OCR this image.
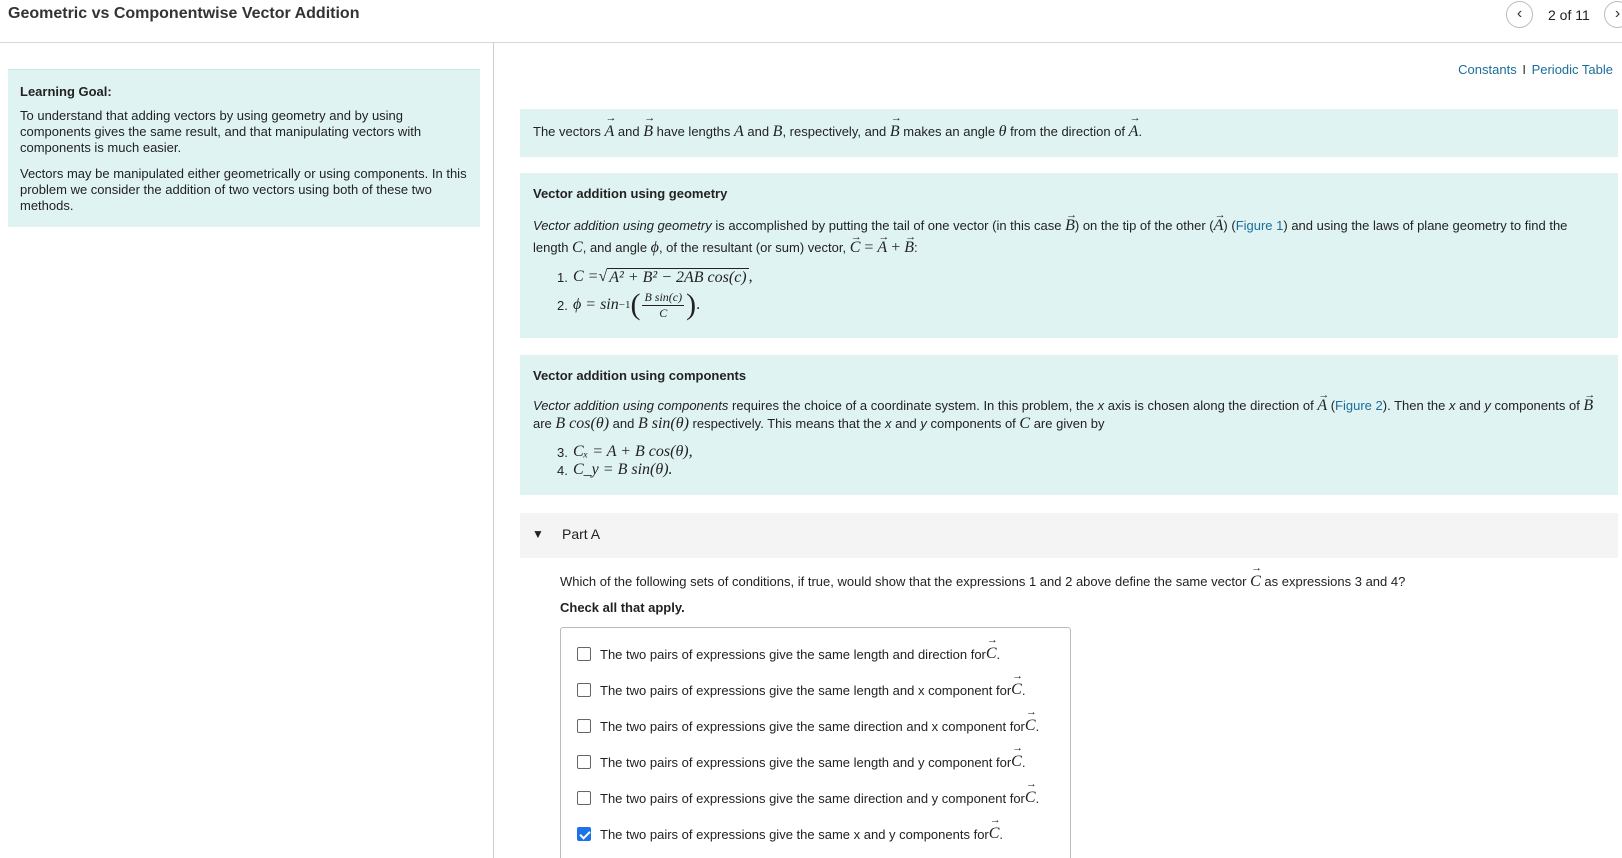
Geometric vs Componentwise Vector Addition	‹	2 of 11	›
Learning Goal:
To understand that adding vectors by using geometry and by using components gives the same result, and that manipulating vectors with components is much easier.
Vectors may be manipulated either geometrically or using components. In this problem we consider the addition of two vectors using both of these two methods.
Constants I Periodic Table
The vectors → A and → B have lengths A and B, respectively, and → B makes an angle θ from the direction of → A.
Vector addition using geometry
Vector addition using geometry is accomplished by putting the tail of one vector (in this case → B) on the tip of the other (→ A) (Figure 1) and using the laws of plane geometry to find the length C, and angle ϕ, of the resultant (or sum) vector, → C = → A + → B:
1. C = √ A² + B² − 2AB cos(c) ,
2. ϕ = sin −1 ( $\frac{\text{B sin(c)}}{C}$ ) .
Vector addition using components
Vector addition using components requires the choice of a coordinate system. In this problem, the x axis is chosen along the direction of → A (Figure 2). Then the x and y components of → B are B cos(θ) and B sin(θ) respectively. This means that the x and y components of C are given by
3. Cₓ = A + B cos(θ),
4. C_y = B sin(θ).
▼ Part A
Which of the following sets of conditions, if true, would show that the expressions 1 and 2 above define the same vector → C as expressions 3 and 4?
Check all that apply.
The two pairs of expressions give the same length and direction for → C .
The two pairs of expressions give the same length and x component for → C .
The two pairs of expressions give the same direction and x component for → C .
The two pairs of expressions give the same length and y component for → C .
The two pairs of expressions give the same direction and y component for → C .
The two pairs of expressions give the same x and y components for → C .
